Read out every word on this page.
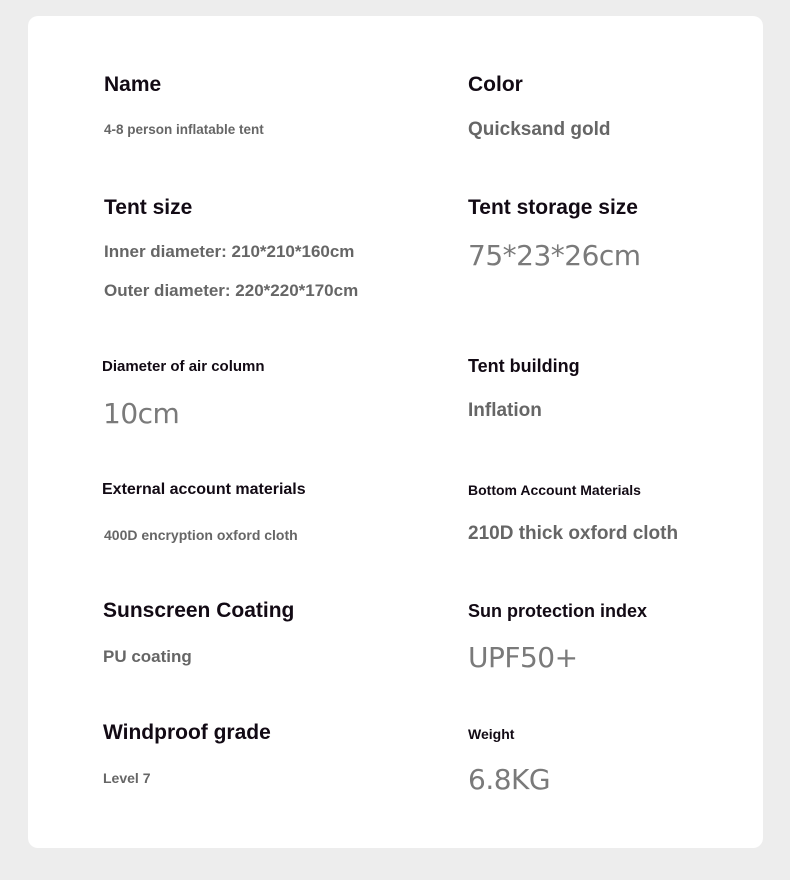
Name
4-8 person inflatable tent
Color
Quicksand gold
Tent size
Inner diameter: 210*210*160cm
Outer diameter: 220*220*170cm
Tent storage size
75*23*26cm
Diameter of air column
10cm
Tent building
Inflation
External account materials
400D encryption oxford cloth
Bottom Account Materials
210D thick oxford cloth
Sunscreen Coating
PU coating
Sun protection index
UPF50+
Windproof grade
Level 7
Weight
6.8KG
